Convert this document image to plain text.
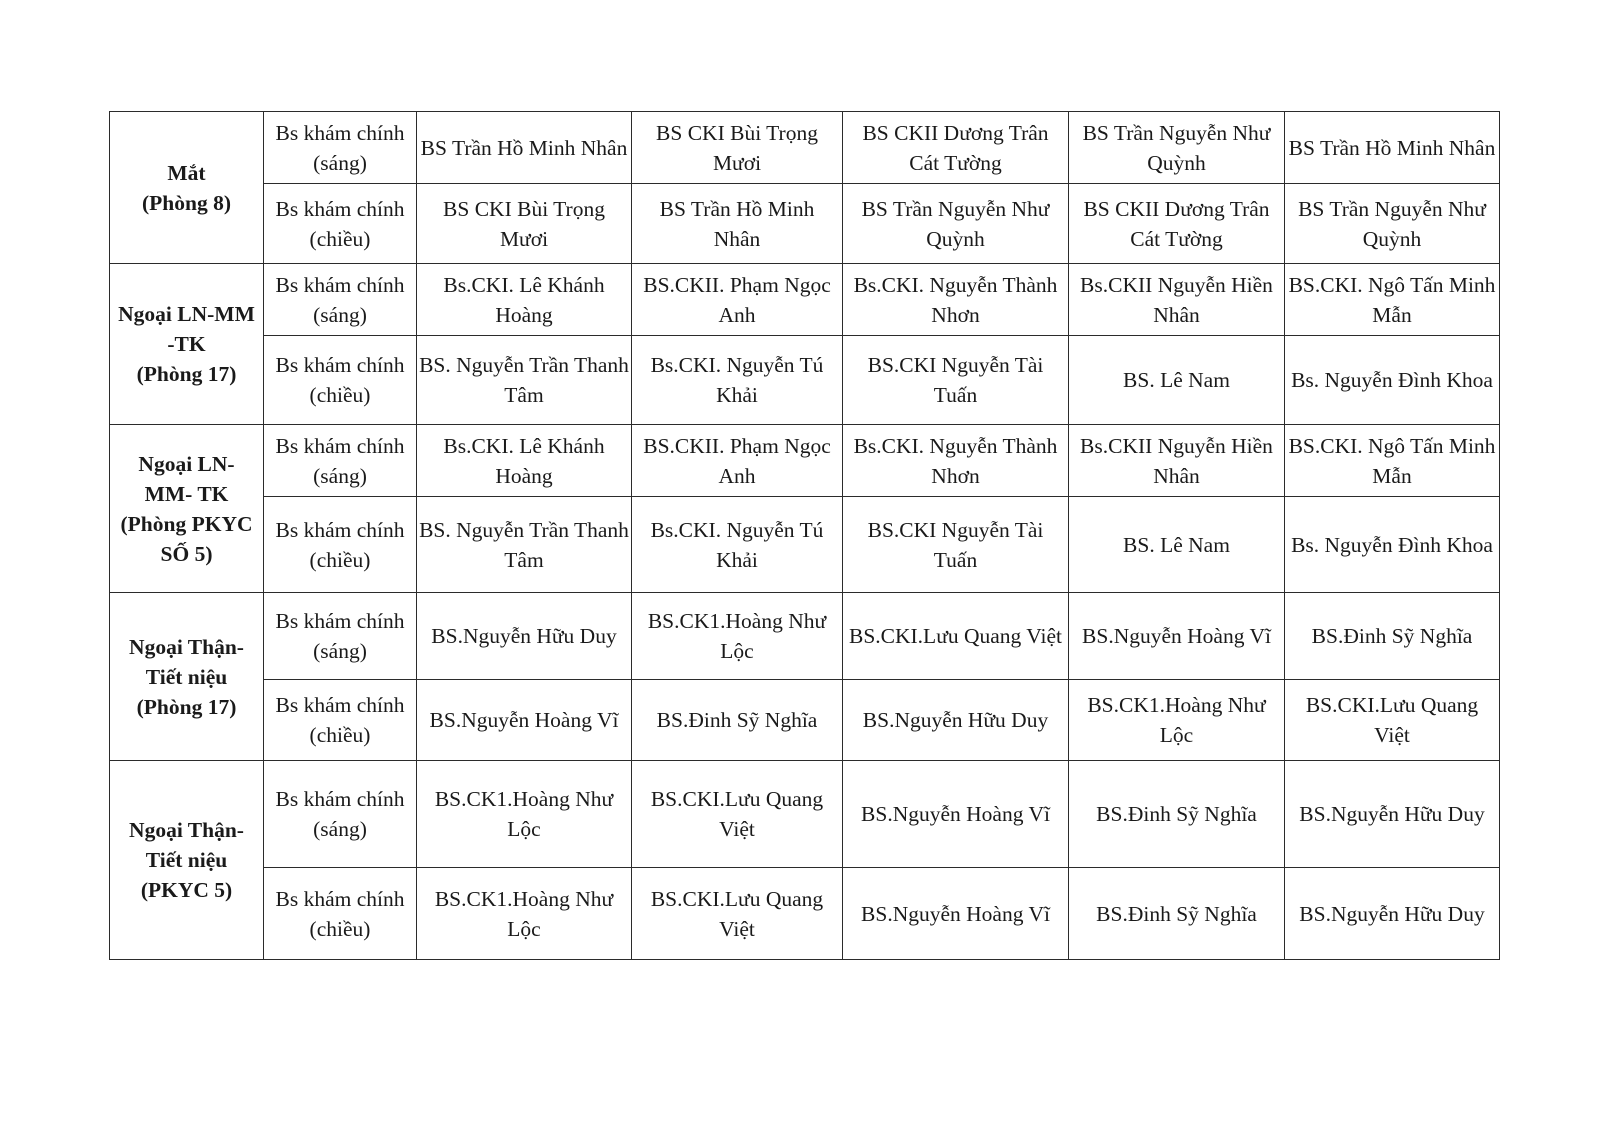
Mắt
(Phòng 8)	Bs khám chính (sáng)	BS Trần Hồ Minh Nhân	BS CKI Bùi Trọng Mươi	BS CKII Dương Trân Cát Tường	BS Trần Nguyễn Như Quỳnh	BS Trần Hồ Minh Nhân
	Bs khám chính (chiều)	BS CKI Bùi Trọng Mươi	BS Trần Hồ Minh Nhân	BS Trần Nguyễn Như Quỳnh	BS CKII Dương Trân Cát Tường	BS Trần Nguyễn Như Quỳnh

Ngoại LN-MM
-TK
(Phòng 17)	Bs khám chính (sáng)	Bs.CKI. Lê Khánh Hoàng	BS.CKII. Phạm Ngọc Anh	Bs.CKI. Nguyễn Thành Nhơn	Bs.CKII Nguyễn Hiền Nhân	BS.CKI. Ngô Tấn Minh Mẫn
	Bs khám chính (chiều)	BS. Nguyễn Trần Thanh Tâm	Bs.CKI. Nguyễn Tú Khải	BS.CKI Nguyễn Tài Tuấn	BS. Lê Nam	Bs. Nguyễn Đình Khoa

Ngoại LN-
MM- TK
(Phòng PKYC
SỐ 5)	Bs khám chính (sáng)	Bs.CKI. Lê Khánh Hoàng	BS.CKII. Phạm Ngọc Anh	Bs.CKI. Nguyễn Thành Nhơn	Bs.CKII Nguyễn Hiền Nhân	BS.CKI. Ngô Tấn Minh Mẫn
	Bs khám chính (chiều)	BS. Nguyễn Trần Thanh Tâm	Bs.CKI. Nguyễn Tú Khải	BS.CKI Nguyễn Tài Tuấn	BS. Lê Nam	Bs. Nguyễn Đình Khoa

Ngoại Thận-
Tiết niệu
(Phòng 17)	Bs khám chính (sáng)	BS.Nguyễn Hữu Duy	BS.CK1.Hoàng Như Lộc	BS.CKI.Lưu Quang Việt	BS.Nguyễn Hoàng Vĩ	BS.Đinh Sỹ Nghĩa
	Bs khám chính (chiều)	BS.Nguyễn Hoàng Vĩ	BS.Đinh Sỹ Nghĩa	BS.Nguyễn Hữu Duy	BS.CK1.Hoàng Như Lộc	BS.CKI.Lưu Quang Việt

Ngoại Thận-
Tiết niệu
(PKYC 5)	Bs khám chính (sáng)	BS.CK1.Hoàng Như Lộc	BS.CKI.Lưu Quang Việt	BS.Nguyễn Hoàng Vĩ	BS.Đinh Sỹ Nghĩa	BS.Nguyễn Hữu Duy
	Bs khám chính (chiều)	BS.CK1.Hoàng Như Lộc	BS.CKI.Lưu Quang Việt	BS.Nguyễn Hoàng Vĩ	BS.Đinh Sỹ Nghĩa	BS.Nguyễn Hữu Duy
